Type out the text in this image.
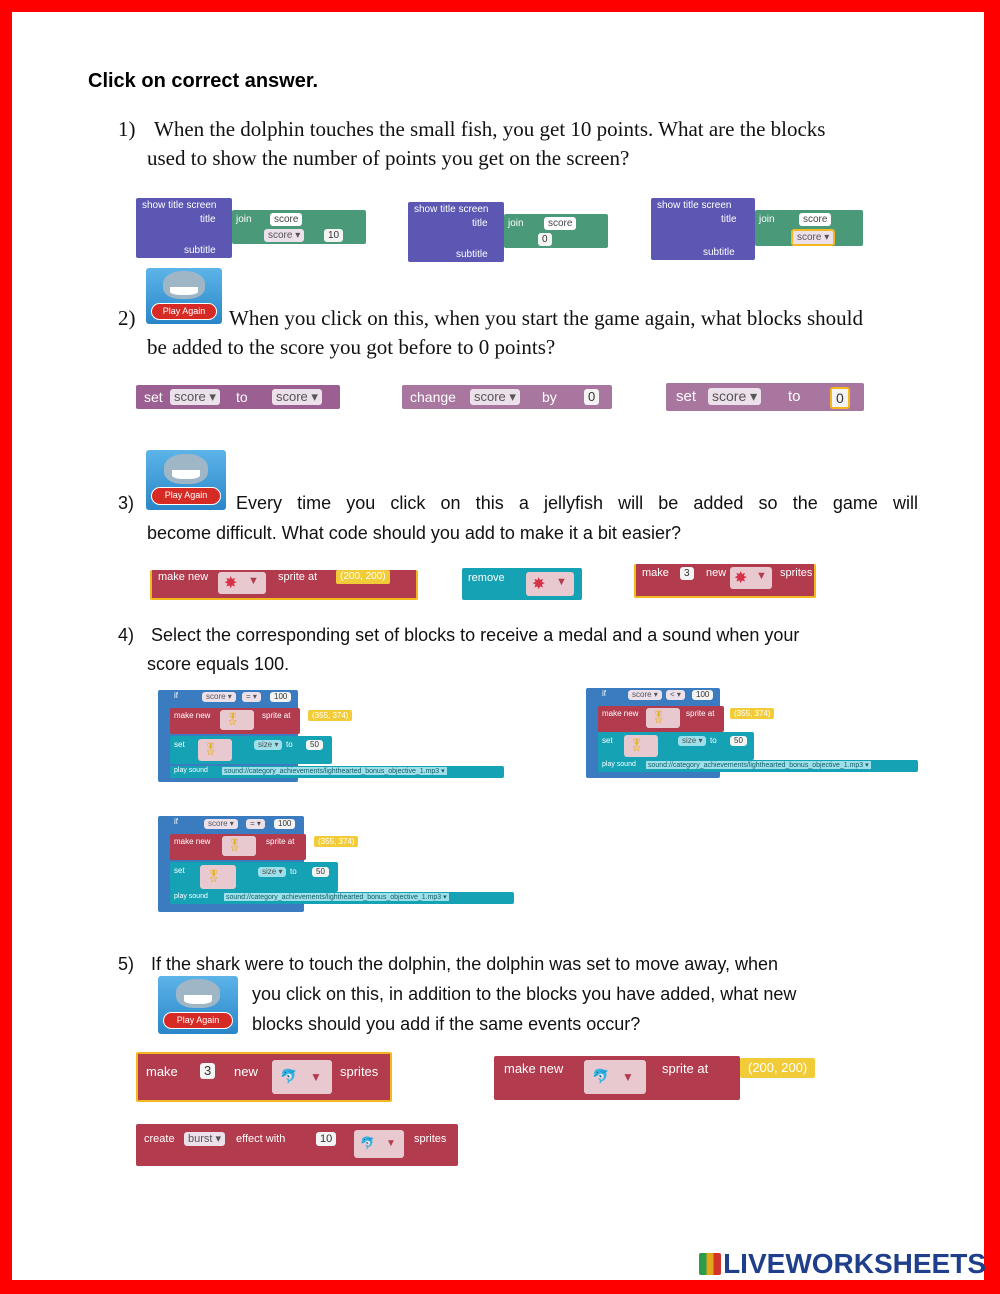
Click on correct answer.
1) When the dolphin touches the small fish, you get 10 points. What are the blocks
used to show the number of points you get on the screen?
show title screen
title
subtitle
join	score
score ▾	10
show title screen
title
subtitle
join	score
0
show title screen
title
subtitle
join	score
score ▾
Play Again
2)	When you click on this, when you start the game again, what blocks should
be added to the score you got before to 0 points?
set score ▾ to	score ▾	change	score ▾ by	0	set score ▾ to	0
Play Again
3)	Every time you click on this a jellyfish will be added so the game will
become difficult. What code should you add to make it a bit easier?
make new ✸ ▼ sprite at	(200, 200)	remove ✸ ▼
make	3	new ✸ ▼ sprites
4) Select the corresponding set of blocks to receive a medal and a sound when your
score equals 100.
if	score ▾	= ▾	100
make new 🎖	sprite at	(355, 374)
set 🎖	size ▾ to	50
play sound sound://category_achievements/lighthearted_bonus_objective_1.mp3 ▾
if	score ▾	< ▾	100
make new 🎖 sprite at	(355, 374)
set 🎖	size ▾ to	50
play sound sound://category_achievements/lighthearted_bonus_objective_1.mp3 ▾
if	score ▾	= ▾	100
make new 🎖	sprite at	(355, 374)
set 🎖	size ▾ to	50
play sound	sound://category_achievements/lighthearted_bonus_objective_1.mp3 ▾
5) If the shark were to touch the dolphin, the dolphin was set to move away, when
Play Again
you click on this, in addition to the blocks you have added, what new
blocks should you add if the same events occur?
make	3	new 🐬 ▼ sprites	make new 🐬 ▼
sprite at	(200, 200)
create	burst ▾	effect with	10	🐬 ▼ sprites
LIVEWORKSHEETS
